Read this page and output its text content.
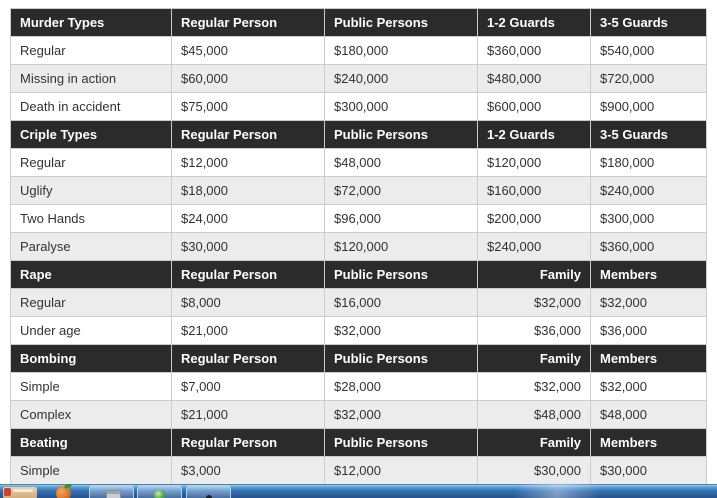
Murder Types	Regular Person	Public Persons	1-2 Guards	3-5 Guards
Regular	$45,000	$180,000	$360,000	$540,000
Missing in action	$60,000	$240,000	$480,000	$720,000
Death in accident	$75,000	$300,000	$600,000	$900,000
Criple Types	Regular Person	Public Persons	1-2 Guards	3-5 Guards
Regular	$12,000	$48,000	$120,000	$180,000
Uglify	$18,000	$72,000	$160,000	$240,000
Two Hands	$24,000	$96,000	$200,000	$300,000
Paralyse	$30,000	$120,000	$240,000	$360,000
Rape	Regular Person	Public Persons	Family	Members
Regular	$8,000	$16,000	$32,000	$32,000
Under age	$21,000	$32,000	$36,000	$36,000
Bombing	Regular Person	Public Persons	Family	Members
Simple	$7,000	$28,000	$32,000	$32,000
Complex	$21,000	$32,000	$48,000	$48,000
Beating	Regular Person	Public Persons	Family	Members
Simple	$3,000	$12,000	$30,000	$30,000
